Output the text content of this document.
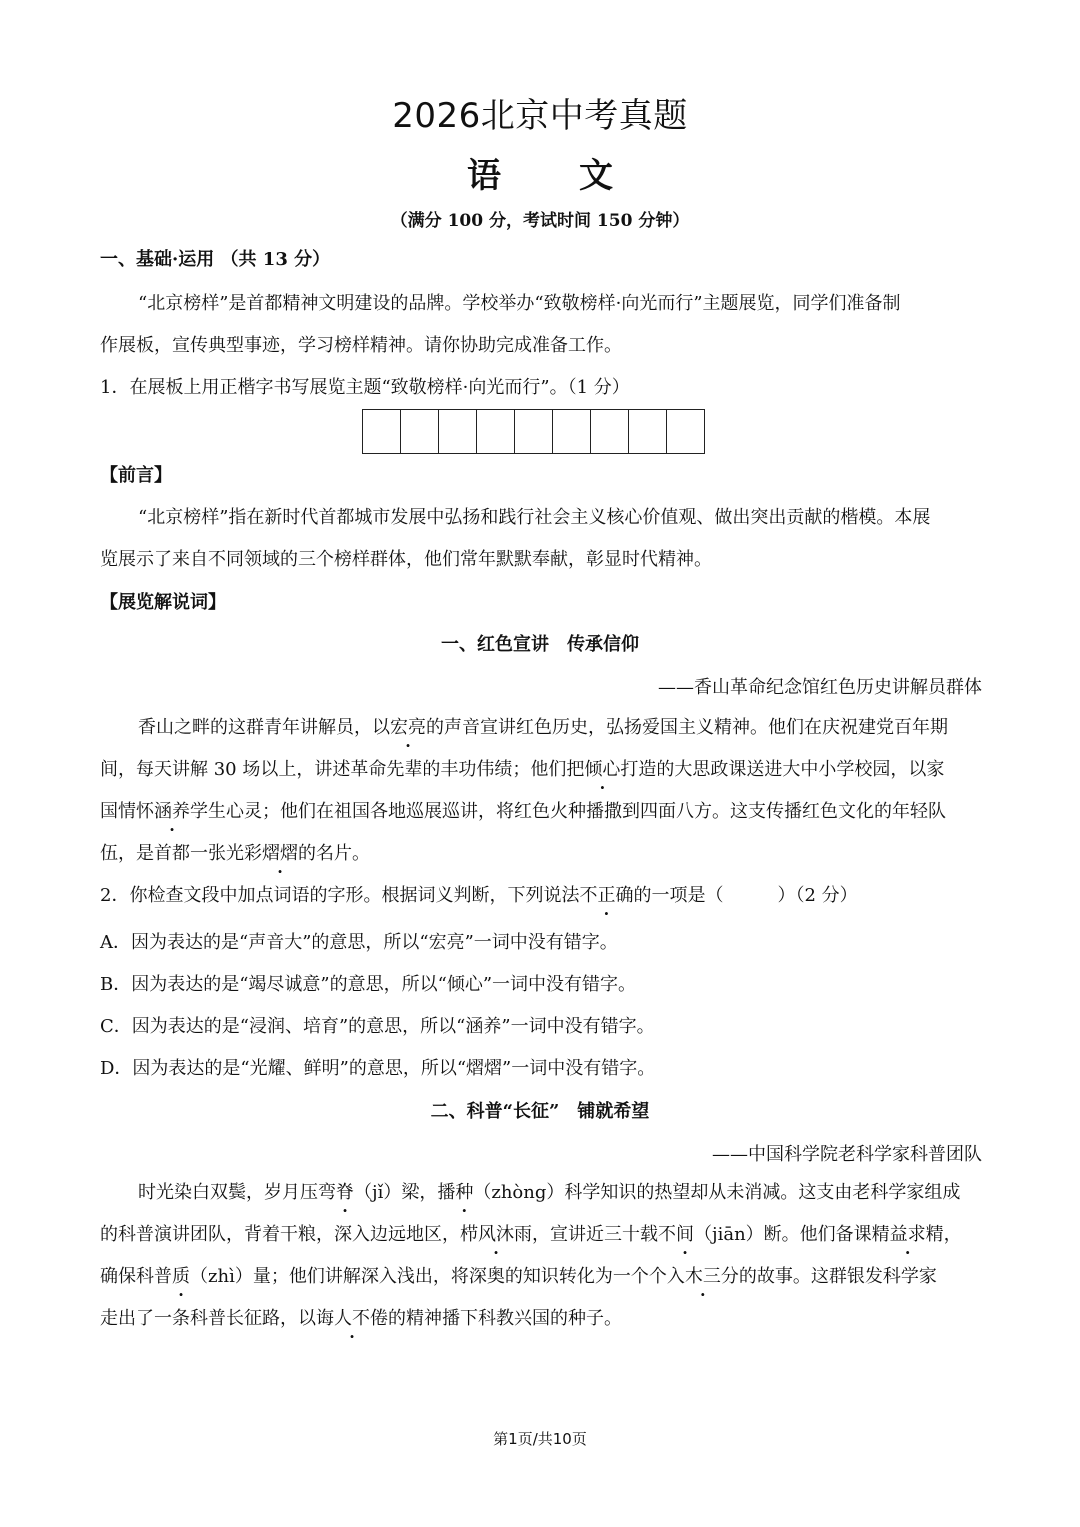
2026北京中考真题
语 文
（满分 100 分，考试时间 150 分钟）
一、基础·运用 （共 13 分）
“北京榜样”是首都精神文明建设的品牌。学校举办“致敬榜样·向光而行”主题展览，同学们准备制
作展板，宣传典型事迹，学习榜样精神。请你协助完成准备工作。
1．在展板上用正楷字书写展览主题“致敬榜样·向光而行”。（1 分）
【前言】
“北京榜样”指在新时代首都城市发展中弘扬和践行社会主义核心价值观、做出突出贡献的楷模。本展
览展示了来自不同领域的三个榜样群体，他们常年默默奉献，彰显时代精神。
【展览解说词】
一、红色宣讲　传承信仰
——香山革命纪念馆红色历史讲解员群体
香山之畔的这群青年讲解员，以宏亮的声音宣讲红色历史，弘扬爱国主义精神。他们在庆祝建党百年期
间，每天讲解 30 场以上，讲述革命先辈的丰功伟绩；他们把倾心打造的大思政课送进大中小学校园，以家
国情怀涵养学生心灵；他们在祖国各地巡展巡讲，将红色火种播撒到四面八方。这支传播红色文化的年轻队
伍，是首都一张光彩熠熠的名片。
2．你检查文段中加点词语的字形。根据词义判断，下列说法不正确的一项是（　　　）（2 分）
A．因为表达的是“声音大”的意思，所以“宏亮”一词中没有错字。
B．因为表达的是“竭尽诚意”的意思，所以“倾心”一词中没有错字。
C．因为表达的是“浸润、培育”的意思，所以“涵养”一词中没有错字。
D．因为表达的是“光耀、鲜明”的意思，所以“熠熠”一词中没有错字。
二、科普“长征”　铺就希望
——中国科学院老科学家科普团队
时光染白双鬓，岁月压弯脊（jǐ）梁，播种（zhòng）科学知识的热望却从未消减。这支由老科学家组成
的科普演讲团队，背着干粮，深入边远地区，栉风沐雨，宣讲近三十载不间（jiān）断。他们备课精益求精，
确保科普质（zhì）量；他们讲解深入浅出，将深奥的知识转化为一个个入木三分的故事。这群银发科学家
走出了一条科普长征路，以诲人不倦的精神播下科教兴国的种子。
第1页/共10页
